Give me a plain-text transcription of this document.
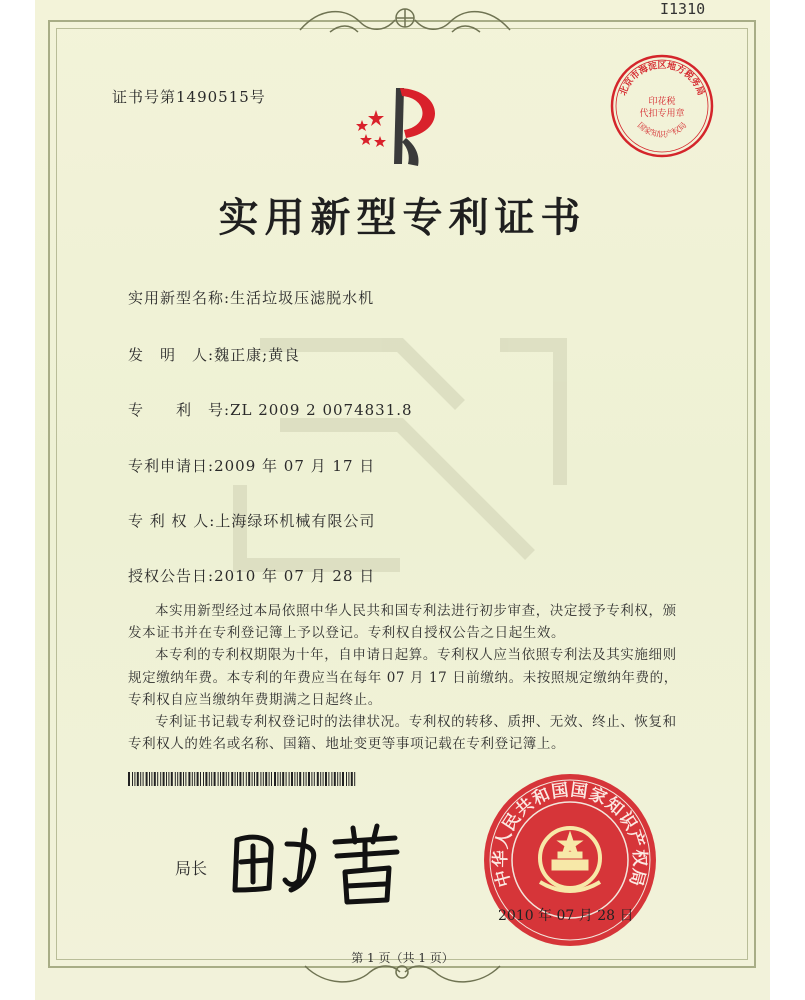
I1310
证书号第1490515号	北京市海淀区地方税务局
印花税
代扣专用章
国家知识产权局
实用新型专利证书
实用新型名称:生活垃圾压滤脱水机
发　明　人:魏正康;黄良
专　　利　号:ZL 2009 2 0074831.8
专利申请日:2009 年 07 月 17 日
专 利 权 人:上海绿环机械有限公司
授权公告日:2010 年 07 月 28 日

本实用新型经过本局依照中华人民共和国专利法进行初步审查，决定授予专利权，颁发本证书并在专利登记簿上予以登记。专利权自授权公告之日起生效。

本专利的专利权期限为十年，自申请日起算。专利权人应当依照专利法及其实施细则规定缴纳年费。本专利的年费应当在每年 07 月 17 日前缴纳。未按照规定缴纳年费的，专利权自应当缴纳年费期满之日起终止。

专利证书记载专利权登记时的法律状况。专利权的转移、质押、无效、终止、恢复和专利权人的姓名或名称、国籍、地址变更等事项记载在专利登记簿上。

局长	中华人民共和国国家知识产权局
2010 年 07 月 28 日
第 1 页（共 1 页）
